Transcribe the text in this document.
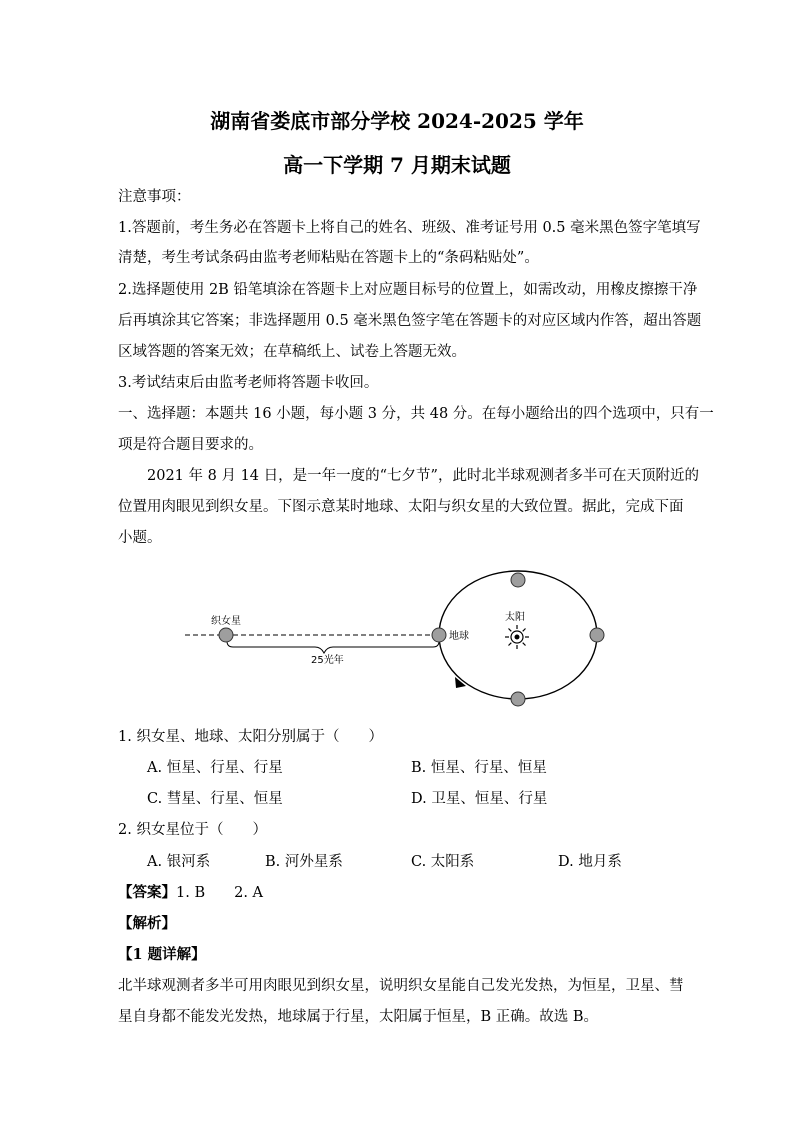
湖南省娄底市部分学校 2024-2025 学年
高一下学期 7 月期末试题
注意事项：
1.答题前，考生务必在答题卡上将自己的姓名、班级、准考证号用 0.5 毫米黑色签字笔填写
清楚，考生考试条码由监考老师粘贴在答题卡上的“条码粘贴处”。
2.选择题使用 2B 铅笔填涂在答题卡上对应题目标号的位置上，如需改动，用橡皮擦擦干净
后再填涂其它答案；非选择题用 0.5 毫米黑色签字笔在答题卡的对应区域内作答，超出答题
区域答题的答案无效；在草稿纸上、试卷上答题无效。
3.考试结束后由监考老师将答题卡收回。
一、选择题：本题共 16 小题，每小题 3 分，共 48 分。在每小题给出的四个选项中，只有一
项是符合题目要求的。
2021 年 8 月 14 日，是一年一度的“七夕节”，此时北半球观测者多半可在天顶附近的
位置用肉眼见到织女星。下图示意某时地球、太阳与织女星的大致位置。据此，完成下面
小题。
织女星
地球
太阳
25光年
1. 织女星、地球、太阳分别属于（　　）
A. 恒星、行星、行星	B. 恒星、行星、恒星
C. 彗星、行星、恒星	D. 卫星、恒星、行星
2. 织女星位于（　　）
A. 银河系	B. 河外星系	C. 太阳系	D. 地月系
【答案】1. B　　2. A
【解析】
【1 题详解】
北半球观测者多半可用肉眼见到织女星，说明织女星能自己发光发热，为恒星，卫星、彗
星自身都不能发光发热，地球属于行星，太阳属于恒星，B 正确。故选 B。
